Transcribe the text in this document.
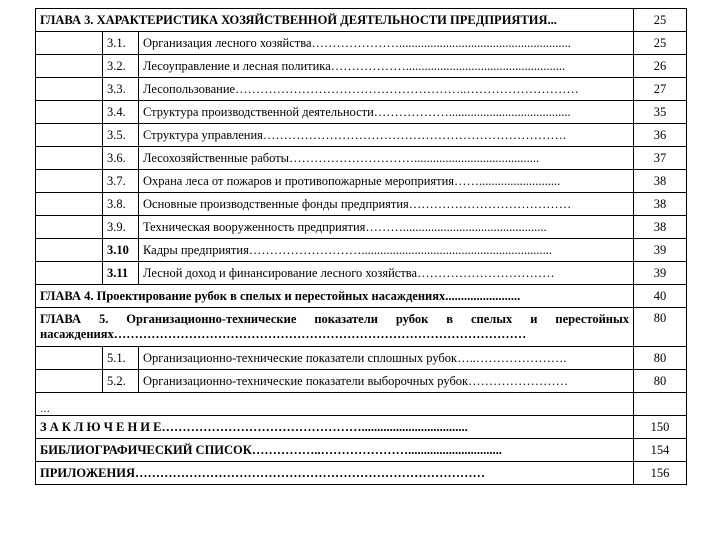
ГЛАВА 3. ХАРАКТЕРИСТИКА ХОЗЯЙСТВЕННОЙ ДЕЯТЕЛЬНОСТИ ПРЕДПРИЯТИЯ...			25
	3.1.	Организация лесного хозяйства………………….......................................................	25
	3.2.	Лесоуправление и лесная политика………………...................................................	26
	3.3.	Лесопользование………………………………………………..………………………	27
	3.4.	Структура производственной деятельности……………….......................................	35
	3.5.	Структура управления……………………………………………………………….	36
	3.6.	Лесохозяйственные работы…………………………........................................	37
	3.7.	Охрана леса от пожаров и противопожарные мероприятия……..........................	38
	3.8.	Основные производственные фонды предприятия…………………………………	38
	3.9.	Техническая вооруженность предприятия………..............................................	38
	3.10	Кадры предприятия……………………….............................................................	39
	3.11	Лесной доход и финансирование лесного хозяйства……………………………	39
ГЛАВА 4. Проектирование рубок в спелых и перестойных насаждениях........................			40
ГЛАВА 5. Организационно-технические показатели рубок в спелых и перестойных насаждениях………………………………………………………………………………………			80
	5.1.	Организационно-технические показатели сплошных рубок…..………………….	80
	5.2.	Организационно-технические показатели выборочных рубок……………………	80
…			
З А К Л Ю Ч Е Н И Е…………………………………………..................................			150
БИБЛИОГРАФИЧЕСКИЙ СПИСОК……………..…………………..............................			154
ПРИЛОЖЕНИЯ…………………………………………………………………………			156
